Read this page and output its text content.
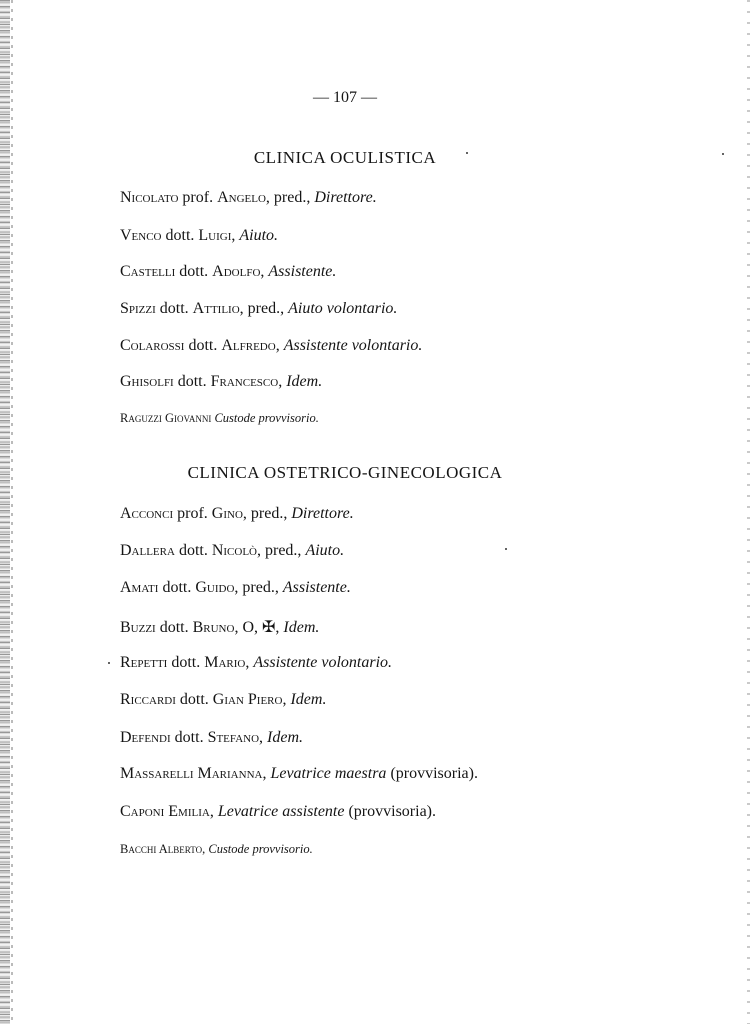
— 107 —
CLINICA OCULISTICA
Nicolato prof. Angelo, pred., Direttore.
Venco dott. Luigi, Aiuto.
Castelli dott. Adolfo, Assistente.
Spizzi dott. Attilio, pred., Aiuto volontario.
Colarossi dott. Alfredo, Assistente volontario.
Ghisolfi dott. Francesco, Idem.
Raguzzi Giovanni Custode provvisorio.
CLINICA OSTETRICO-GINECOLOGICA
Acconci prof. Gino, pred., Direttore.
Dallera dott. Nicolò, pred., Aiuto.
Amati dott. Guido, pred., Assistente.
Buzzi dott. Bruno, O, ✠, Idem.
Repetti dott. Mario, Assistente volontario.
Riccardi dott. Gian Piero, Idem.
Defendi dott. Stefano, Idem.
Massarelli Marianna, Levatrice maestra (provvisoria).
Caponi Emilia, Levatrice assistente (provvisoria).
Bacchi Alberto, Custode provvisorio.
